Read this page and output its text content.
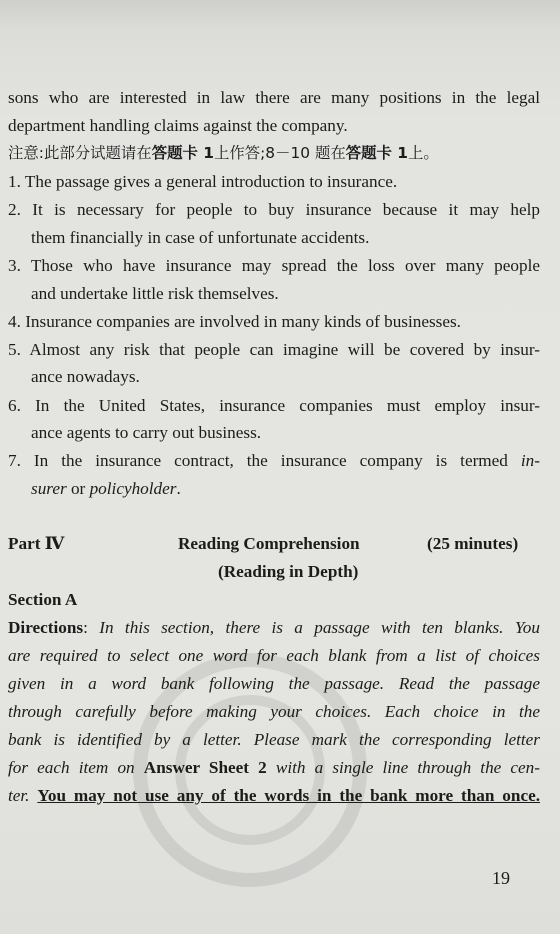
sons who are interested in law there are many positions in the legal
department handling claims against the company.
注意:此部分试题请在答题卡 1上作答;8－10 题在答题卡 1上。
1. The passage gives a general introduction to insurance.
2. It is necessary for people to buy insurance because it may help
them financially in case of unfortunate accidents.
3. Those who have insurance may spread the loss over many people
and undertake little risk themselves.
4. Insurance companies are involved in many kinds of businesses.
5. Almost any risk that people can imagine will be covered by insur-
ance nowadays.
6. In the United States, insurance companies must employ insur-
ance agents to carry out business.
7. In the insurance contract, the insurance company is termed in-
surer or policyholder.
Part Ⅳ	Reading Comprehension	(25 minutes)
(Reading in Depth)
Section A
Directions: In this section, there is a passage with ten blanks. You
are required to select one word for each blank from a list of choices
given in a word bank following the passage. Read the passage
through carefully before making your choices. Each choice in the
bank is identified by a letter. Please mark the corresponding letter
for each item on Answer Sheet 2 with a single line through the cen-
ter. You may not use any of the words in the bank more than once.
19
